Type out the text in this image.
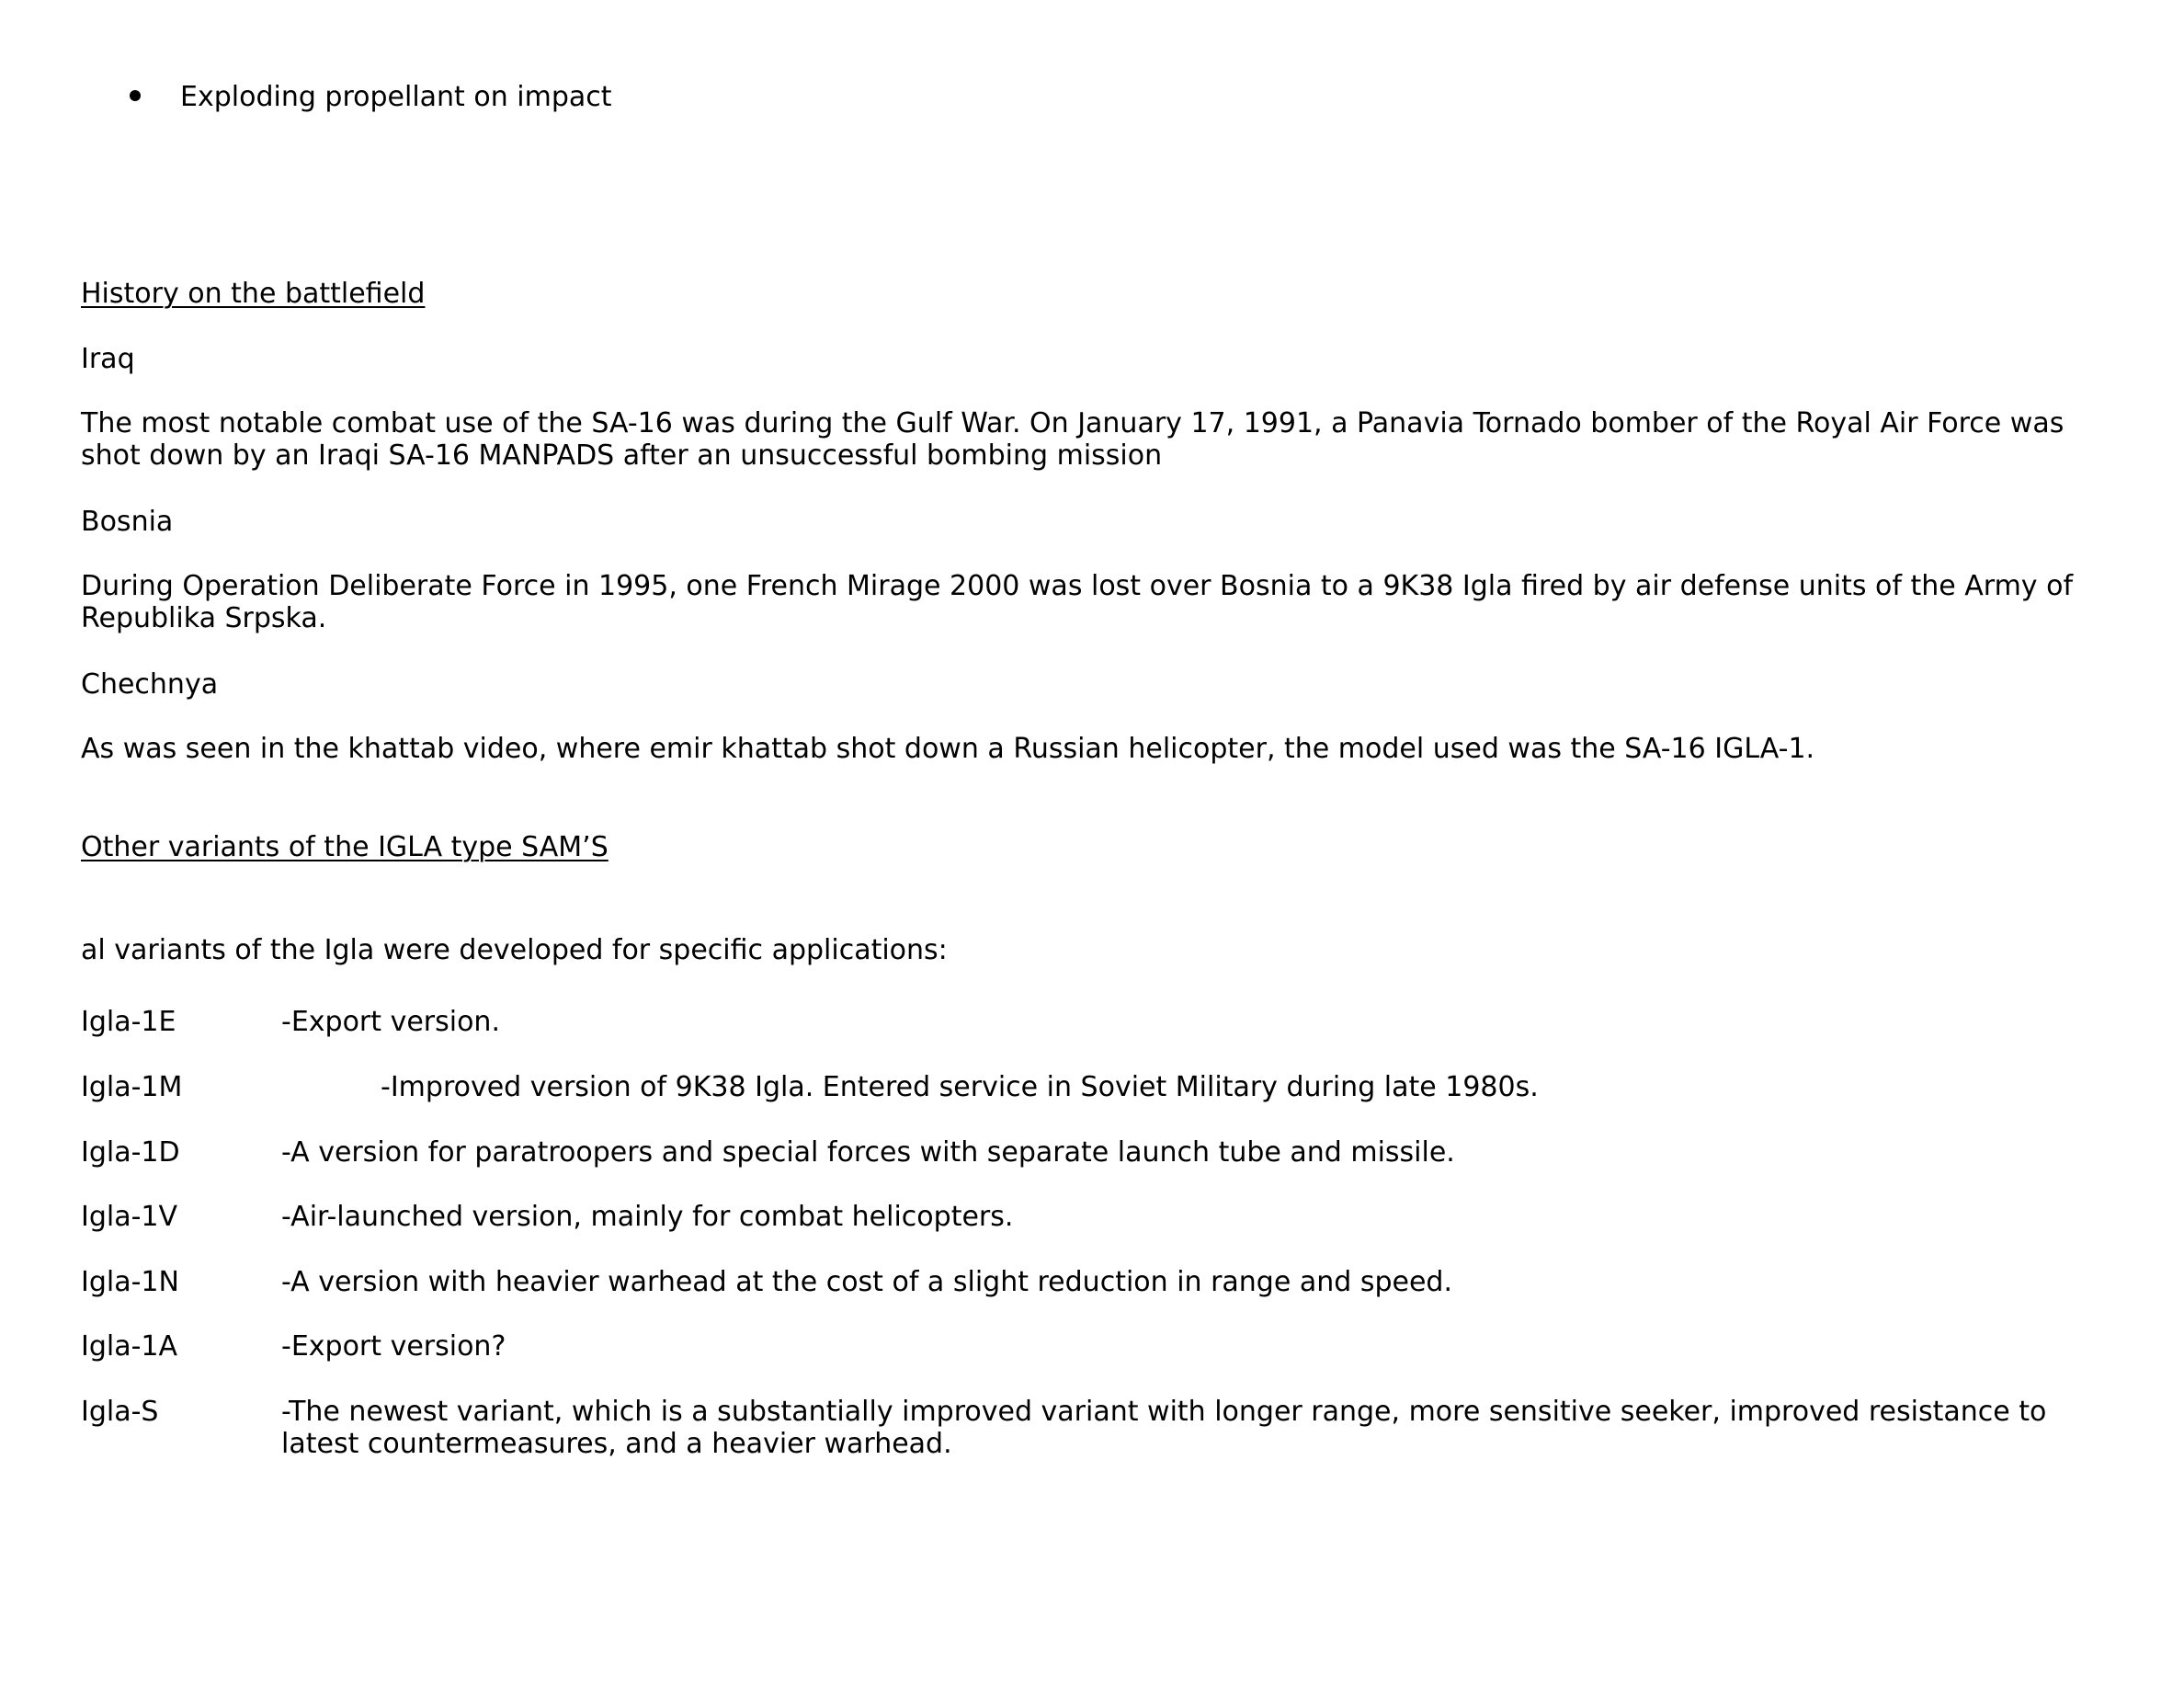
Exploding propellant on impact

History on the battlefield

Iraq

The most notable combat use of the SA-16 was during the Gulf War. On January 17, 1991, a Panavia Tornado bomber of the Royal Air Force was shot down by an Iraqi SA-16 MANPADS after an unsuccessful bombing mission

Bosnia

During Operation Deliberate Force in 1995, one French Mirage 2000 was lost over Bosnia to a 9K38 Igla fired by air defense units of the Army of Republika Srpska.

Chechnya

As was seen in the khattab video, where emir khattab shot down a Russian helicopter, the model used was the SA-16 IGLA-1.

Other variants of the IGLA type SAM’S

al variants of the Igla were developed for specific applications:

Igla-1E	-Export version.

Igla-1M	-Improved version of 9K38 Igla. Entered service in Soviet Military during late 1980s.

Igla-1D	-A version for paratroopers and special forces with separate launch tube and missile.

Igla-1V	-Air-launched version, mainly for combat helicopters.

Igla-1N	-A version with heavier warhead at the cost of a slight reduction in range and speed.

Igla-1A	-Export version?

Igla-S	-The newest variant, which is a substantially improved variant with longer range, more sensitive seeker, improved resistance to latest countermeasures, and a heavier warhead.
